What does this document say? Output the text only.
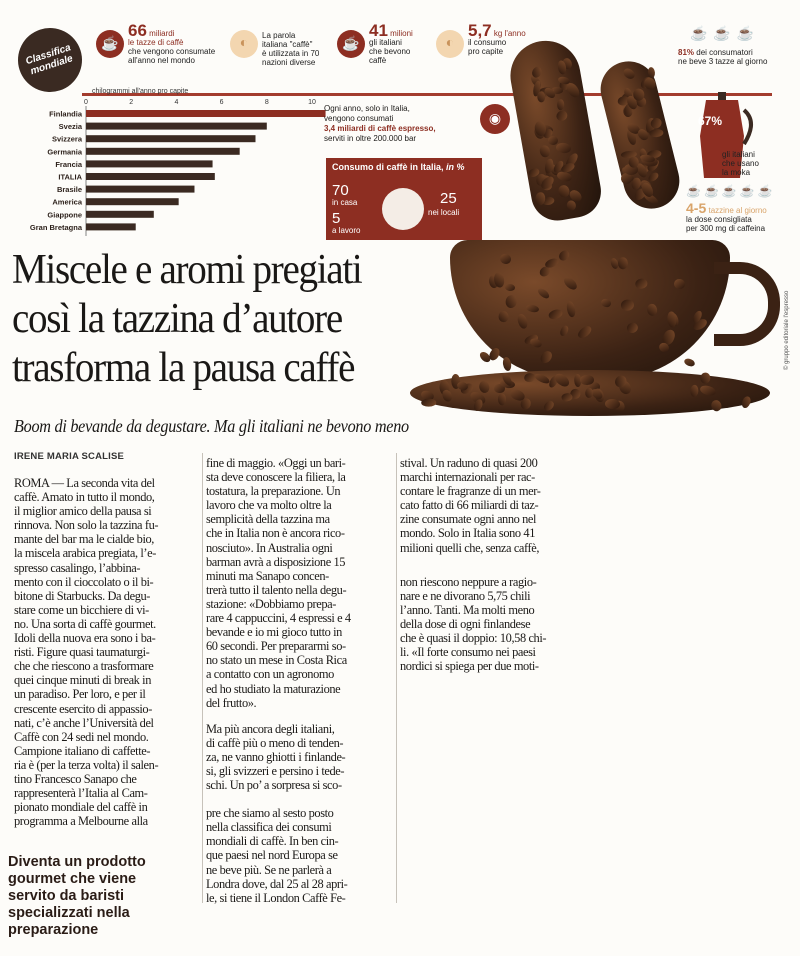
Classifica mondiale
☕
66 miliardi
le tazze di caffè
che vengono consumate
all'anno nel mondo
◐
La parola
italiana "caffè"
è utilizzata in 70
nazioni diverse
☕
41 milioni
gli italiani
che bevono
caffè
◐
5,7 kg l'anno
il consumo
pro capite
☕☕☕
81% dei consumatori
ne beve 3 tazze al giorno
chilogrammi all'anno pro capite
0	2	4	6	8	10
Finlandia
Svezia
Svizzera
Germania
Francia
ITALIA
Brasile
America
Giappone
Gran Bretagna
Ogni anno, solo in Italia,
vengono consumati
3,4 miliardi di caffè espresso,
serviti in oltre 200.000 bar
◉
Consumo di caffè in Italia, in %
70
in casa
5
a lavoro
25
nei locali
67%
gli italiani
che usano
la moka
☕☕☕☕☕
4-5 tazzine al giorno
la dose consigliata
per 300 mg di caffeina
Miscele e aromi pregiati
così la tazzina d’autore
trasforma la pausa caffè
Boom di bevande da degustare. Ma gli italiani ne bevono meno
© gruppo editoriale l'espresso
IRENE MARIA SCALISE
ROMA — La seconda vita del
caffè. Amato in tutto il mondo,
il miglior amico della pausa si
rinnova. Non solo la tazzina fu-
mante del bar ma le cialde bio,
la miscela arabica pregiata, l’e-
spresso casalingo, l’abbina-
mento con il cioccolato o il bi-
bitone di Starbucks. Da degu-
stare come un bicchiere di vi-
no. Una sorta di caffè gourmet.
Idoli della nuova era sono i ba-
risti. Figure quasi taumaturgi-
che che riescono a trasformare
quei cinque minuti di break in
un paradiso. Per loro, e per il
crescente esercito di appassio-
nati, c’è anche l’Università del
Caffè con 24 sedi nel mondo.
Campione italiano di caffette-
ria è (per la terza volta) il salen-
tino Francesco Sanapo che
rappresenterà l’Italia al Cam-
pionato mondiale del caffè in
programma a Melbourne alla
fine di maggio. «Oggi un bari-
sta deve conoscere la filiera, la
tostatura, la preparazione. Un
lavoro che va molto oltre la
semplicità della tazzina ma
che in Italia non è ancora rico-
nosciuto». In Australia ogni
barman avrà a disposizione 15
minuti ma Sanapo concen-
trerà tutto il talento nella degu-
stazione: «Dobbiamo prepa-
rare 4 cappuccini, 4 espressi e 4
bevande e io mi gioco tutto in
60 secondi. Per prepararmi so-
no stato un mese in Costa Rica
a contatto con un agronomo
ed ho studiato la maturazione
del frutto».
Ma più ancora degli italiani,
di caffè più o meno di tenden-
za, ne vanno ghiotti i finlande-
si, gli svizzeri e persino i tede-
schi. Un po’ a sorpresa si sco-
pre che siamo al sesto posto
nella classifica dei consumi
mondiali di caffè. In ben cin-
que paesi nel nord Europa se
ne beve più. Se ne parlerà a
Londra dove, dal 25 al 28 apri-
le, si tiene il London Caffè Fe-
stival. Un raduno di quasi 200
marchi internazionali per rac-
contare le fragranze di un mer-
cato fatto di 66 miliardi di taz-
zine consumate ogni anno nel
mondo. Solo in Italia sono 41
milioni quelli che, senza caffè,
non riescono neppure a ragio-
nare e ne divorano 5,75 chili
l’anno. Tanti. Ma molti meno
della dose di ogni finlandese
che è quasi il doppio: 10,58 chi-
li. «Il forte consumo nei paesi
nordici si spiega per due moti-
Diventa un prodotto
gourmet che viene
servito da baristi
specializzati nella
preparazione
